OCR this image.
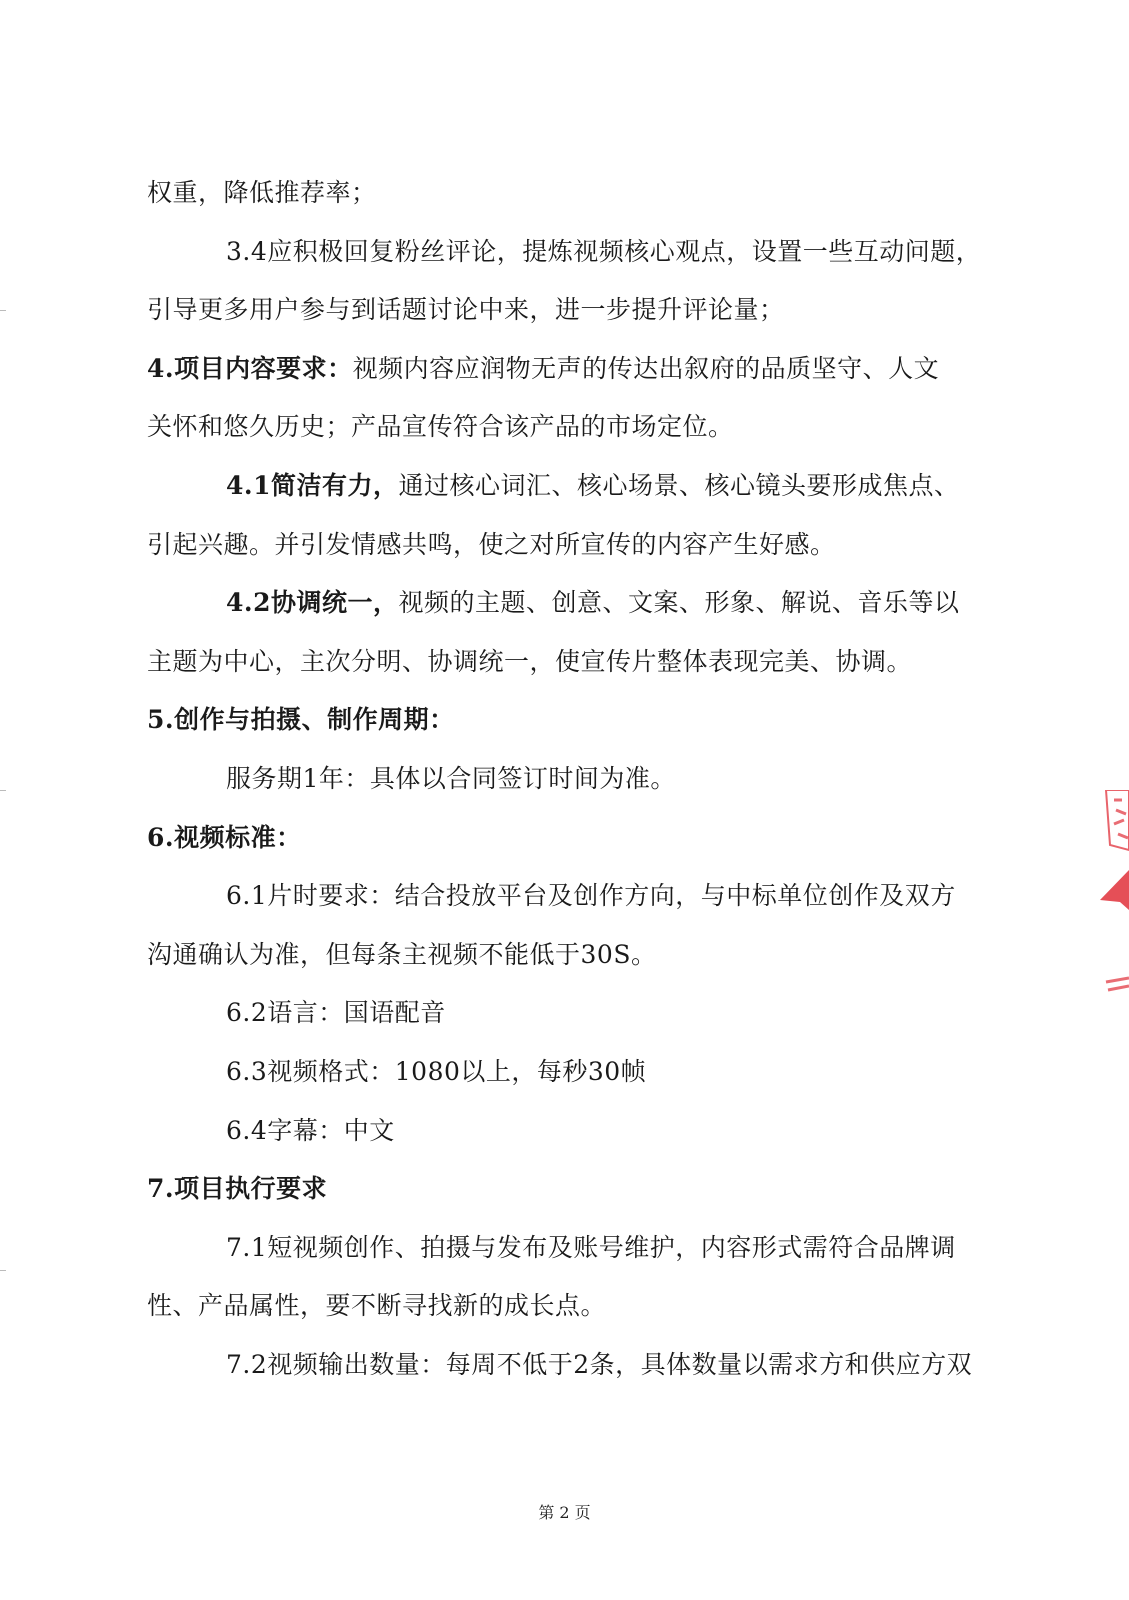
权重，降低推荐率；
3.4应积极回复粉丝评论，提炼视频核心观点，设置一些互动问题，
引导更多用户参与到话题讨论中来，进一步提升评论量；
4.项目内容要求：视频内容应润物无声的传达出叙府的品质坚守、人文
关怀和悠久历史；产品宣传符合该产品的市场定位。
4.1简洁有力，通过核心词汇、核心场景、核心镜头要形成焦点、
引起兴趣。并引发情感共鸣，使之对所宣传的内容产生好感。
4.2协调统一，视频的主题、创意、文案、形象、解说、音乐等以
主题为中心，主次分明、协调统一，使宣传片整体表现完美、协调。
5.创作与拍摄、制作周期：
服务期1年：具体以合同签订时间为准。
6.视频标准：
6.1片时要求：结合投放平台及创作方向，与中标单位创作及双方
沟通确认为准，但每条主视频不能低于30S。
6.2语言：国语配音
6.3视频格式：1080以上，每秒30帧
6.4字幕：中文
7.项目执行要求
7.1短视频创作、拍摄与发布及账号维护，内容形式需符合品牌调
性、产品属性，要不断寻找新的成长点。
7.2视频输出数量：每周不低于2条，具体数量以需求方和供应方双
第 2 页
